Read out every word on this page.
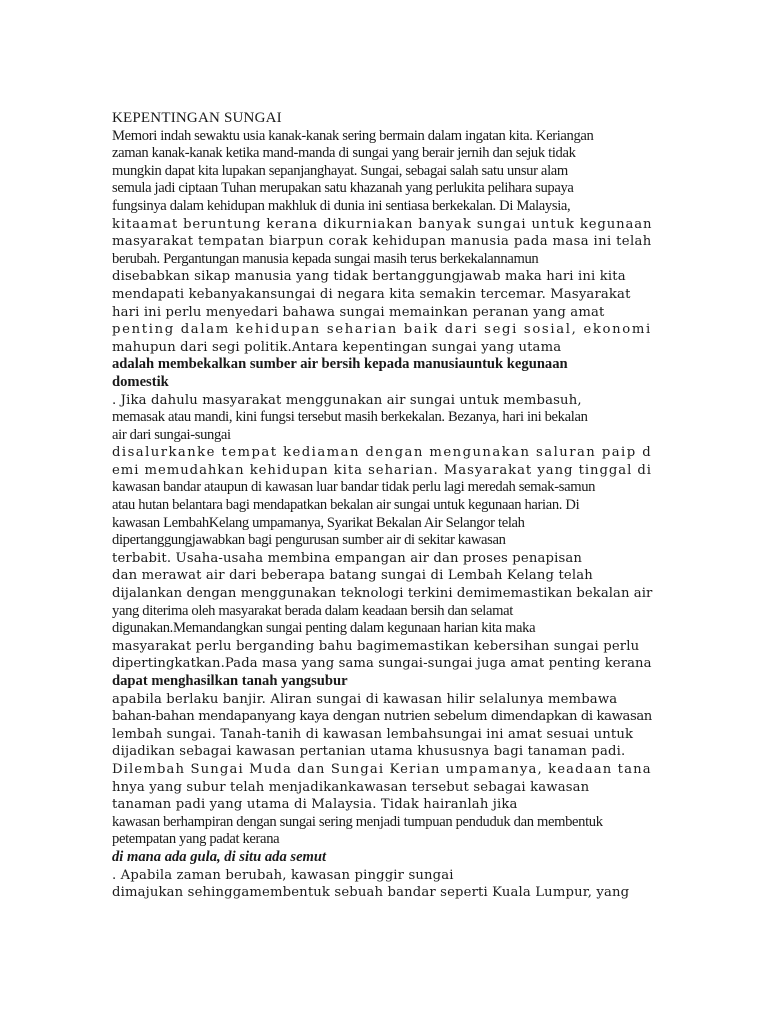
KEPENTINGAN SUNGAI

Memori indah sewaktu usia kanak-kanak sering bermain dalam ingatan kita. Keriangan

zaman kanak-kanak ketika mand-manda di sungai yang berair jernih dan sejuk tidak

mungkin dapat kita lupakan sepanjanghayat. Sungai, sebagai salah satu unsur alam

semula jadi ciptaan Tuhan merupakan satu khazanah yang perlukita pelihara supaya

fungsinya dalam kehidupan makhluk di dunia ini sentiasa berkekalan. Di Malaysia,

kitaamat beruntung kerana dikurniakan banyak sungai untuk kegunaan

masyarakat tempatan biarpun corak kehidupan manusia pada masa ini telah

berubah. Pergantungan manusia kepada sungai masih terus berkekalannamun

disebabkan sikap manusia yang tidak bertanggungjawab maka hari ini kita

mendapati kebanyakansungai di negara kita semakin tercemar. Masyarakat

hari ini perlu menyedari bahawa sungai memainkan peranan yang amat

penting dalam kehidupan seharian baik dari segi sosial, ekonomi

mahupun dari segi politik.Antara kepentingan sungai yang utama

adalah membekalkan sumber air bersih kepada manusiauntuk kegunaan

domestik

. Jika dahulu masyarakat menggunakan air sungai untuk membasuh,

memasak atau mandi, kini fungsi tersebut masih berkekalan. Bezanya, hari ini bekalan

air dari sungai-sungai

disalurkanke tempat kediaman dengan mengunakan saluran paip d

emi memudahkan kehidupan kita seharian. Masyarakat yang tinggal di

kawasan bandar ataupun di kawasan luar bandar tidak perlu lagi meredah semak-samun

atau hutan belantara bagi mendapatkan bekalan air sungai untuk kegunaan harian. Di

kawasan LembahKelang umpamanya, Syarikat Bekalan Air Selangor telah

dipertanggungjawabkan bagi pengurusan sumber air di sekitar kawasan

terbabit. Usaha-usaha membina empangan air dan proses penapisan

dan merawat air dari beberapa batang sungai di Lembah Kelang telah

dijalankan dengan menggunakan teknologi terkini demimemastikan bekalan air

yang diterima oleh masyarakat berada dalam keadaan bersih dan selamat

digunakan.Memandangkan sungai penting dalam kegunaan harian kita maka

masyarakat perlu berganding bahu bagimemastikan kebersihan sungai perlu

dipertingkatkan.Pada masa yang sama sungai-sungai juga amat penting kerana

dapat menghasilkan tanah yangsubur

apabila berlaku banjir. Aliran sungai di kawasan hilir selalunya membawa

bahan-bahan mendapanyang kaya dengan nutrien sebelum dimendapkan di kawasan

lembah sungai. Tanah-tanih di kawasan lembahsungai ini amat sesuai untuk

dijadikan sebagai kawasan pertanian utama khususnya bagi tanaman padi.

Dilembah Sungai Muda dan Sungai Kerian umpamanya, keadaan tana

hnya yang subur telah menjadikankawasan tersebut sebagai kawasan

tanaman padi yang utama di Malaysia. Tidak hairanlah jika

kawasan berhampiran dengan sungai sering menjadi tumpuan penduduk dan membentuk

petempatan yang padat kerana

di mana ada gula, di situ ada semut

. Apabila zaman berubah, kawasan pinggir sungai

dimajukan sehinggamembentuk sebuah bandar seperti Kuala Lumpur, yang
